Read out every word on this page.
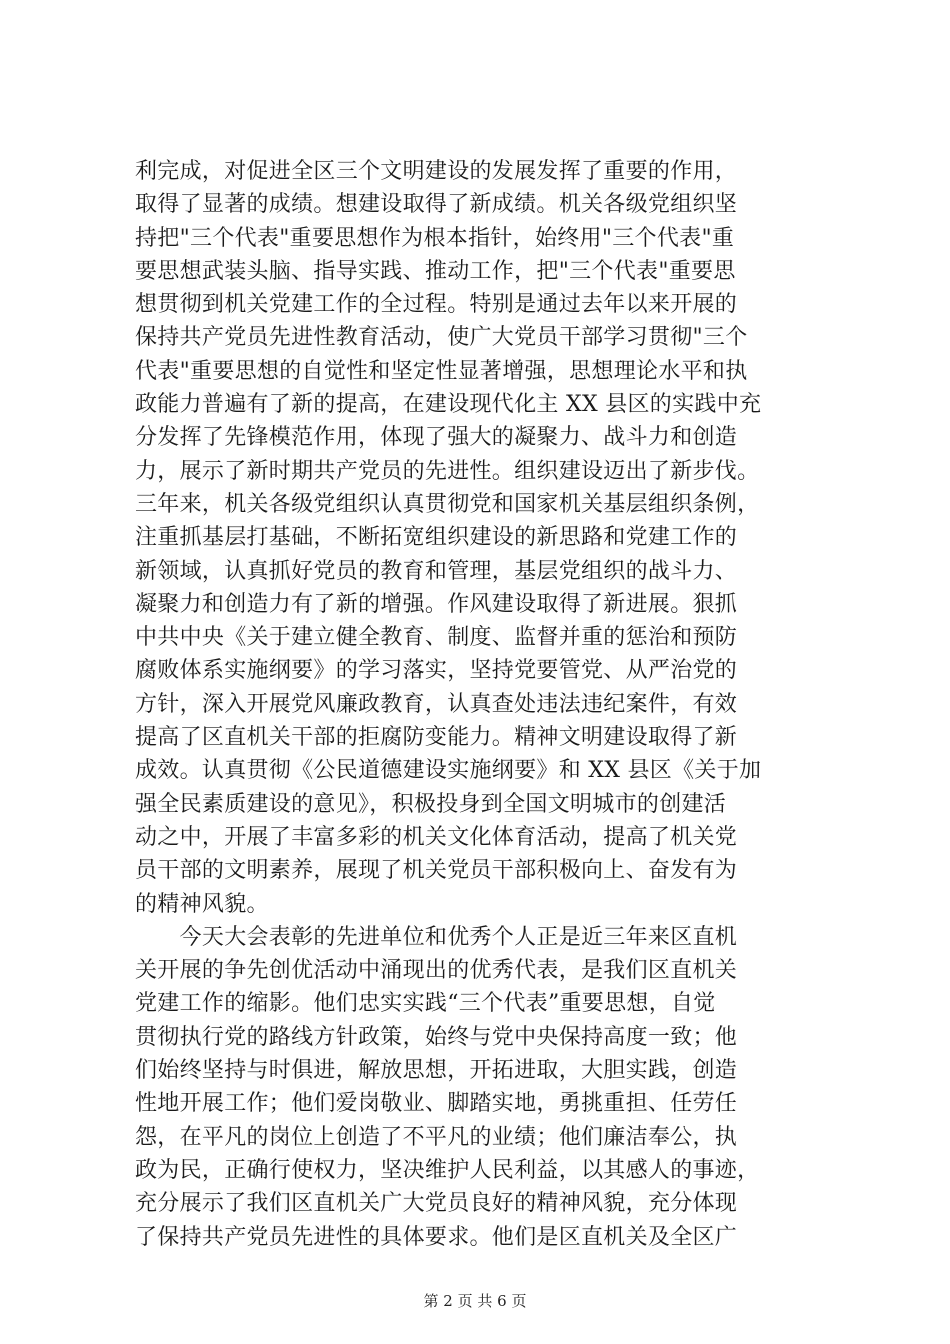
利完成，对促进全区三个文明建设的发展发挥了重要的作用，
取得了显著的成绩。想建设取得了新成绩。机关各级党组织坚
持把"三个代表"重要思想作为根本指针，始终用"三个代表"重
要思想武装头脑、指导实践、推动工作，把"三个代表"重要思
想贯彻到机关党建工作的全过程。特别是通过去年以来开展的
保持共产党员先进性教育活动，使广大党员干部学习贯彻"三个
代表"重要思想的自觉性和坚定性显著增强，思想理论水平和执
政能力普遍有了新的提高，在建设现代化主 XX 县区的实践中充
分发挥了先锋模范作用，体现了强大的凝聚力、战斗力和创造
力，展示了新时期共产党员的先进性。组织建设迈出了新步伐。
三年来，机关各级党组织认真贯彻党和国家机关基层组织条例，
注重抓基层打基础，不断拓宽组织建设的新思路和党建工作的
新领域，认真抓好党员的教育和管理，基层党组织的战斗力、
凝聚力和创造力有了新的增强。作风建设取得了新进展。狠抓
中共中央《关于建立健全教育、制度、监督并重的惩治和预防
腐败体系实施纲要》的学习落实，坚持党要管党、从严治党的
方针，深入开展党风廉政教育，认真查处违法违纪案件，有效
提高了区直机关干部的拒腐防变能力。精神文明建设取得了新
成效。认真贯彻《公民道德建设实施纲要》和 XX 县区《关于加
强全民素质建设的意见》，积极投身到全国文明城市的创建活
动之中，开展了丰富多彩的机关文化体育活动，提高了机关党
员干部的文明素养，展现了机关党员干部积极向上、奋发有为
的精神风貌。
　　今天大会表彰的先进单位和优秀个人正是近三年来区直机
关开展的争先创优活动中涌现出的优秀代表，是我们区直机关
党建工作的缩影。他们忠实实践“三个代表”重要思想，自觉
贯彻执行党的路线方针政策，始终与党中央保持高度一致；他
们始终坚持与时俱进，解放思想，开拓进取，大胆实践，创造
性地开展工作；他们爱岗敬业、脚踏实地，勇挑重担、任劳任
怨，在平凡的岗位上创造了不平凡的业绩；他们廉洁奉公，执
政为民，正确行使权力，坚决维护人民利益，以其感人的事迹，
充分展示了我们区直机关广大党员良好的精神风貌，充分体现
了保持共产党员先进性的具体要求。他们是区直机关及全区广
第 2 页 共 6 页
